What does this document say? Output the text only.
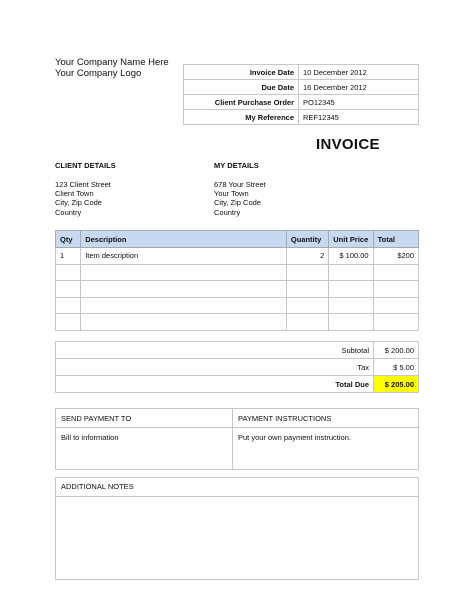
Your Company Name Here
Your Company Logo	Invoice Date	10 December 2012
Due Date	16 December 2012
Client Purchase Order	PO12345
My Reference	REF12345
INVOICE
CLIENT DETAILS
123 Client Street
Client Town
City, Zip Code
Country
MY DETAILS
678 Your Street
Your Town
City, Zip Code
Country
Qty	Description	Quantity	Unit Price	Total
1	Item description	2	$ 100.00	$200

Subtotal	$ 200.00
Tax	$ 5.00
Total Due	$ 205.00
SEND PAYMENT TO	PAYMENT INSTRUCTIONS
Bill to information	Put your own payment instruction.
ADDITIONAL NOTES
